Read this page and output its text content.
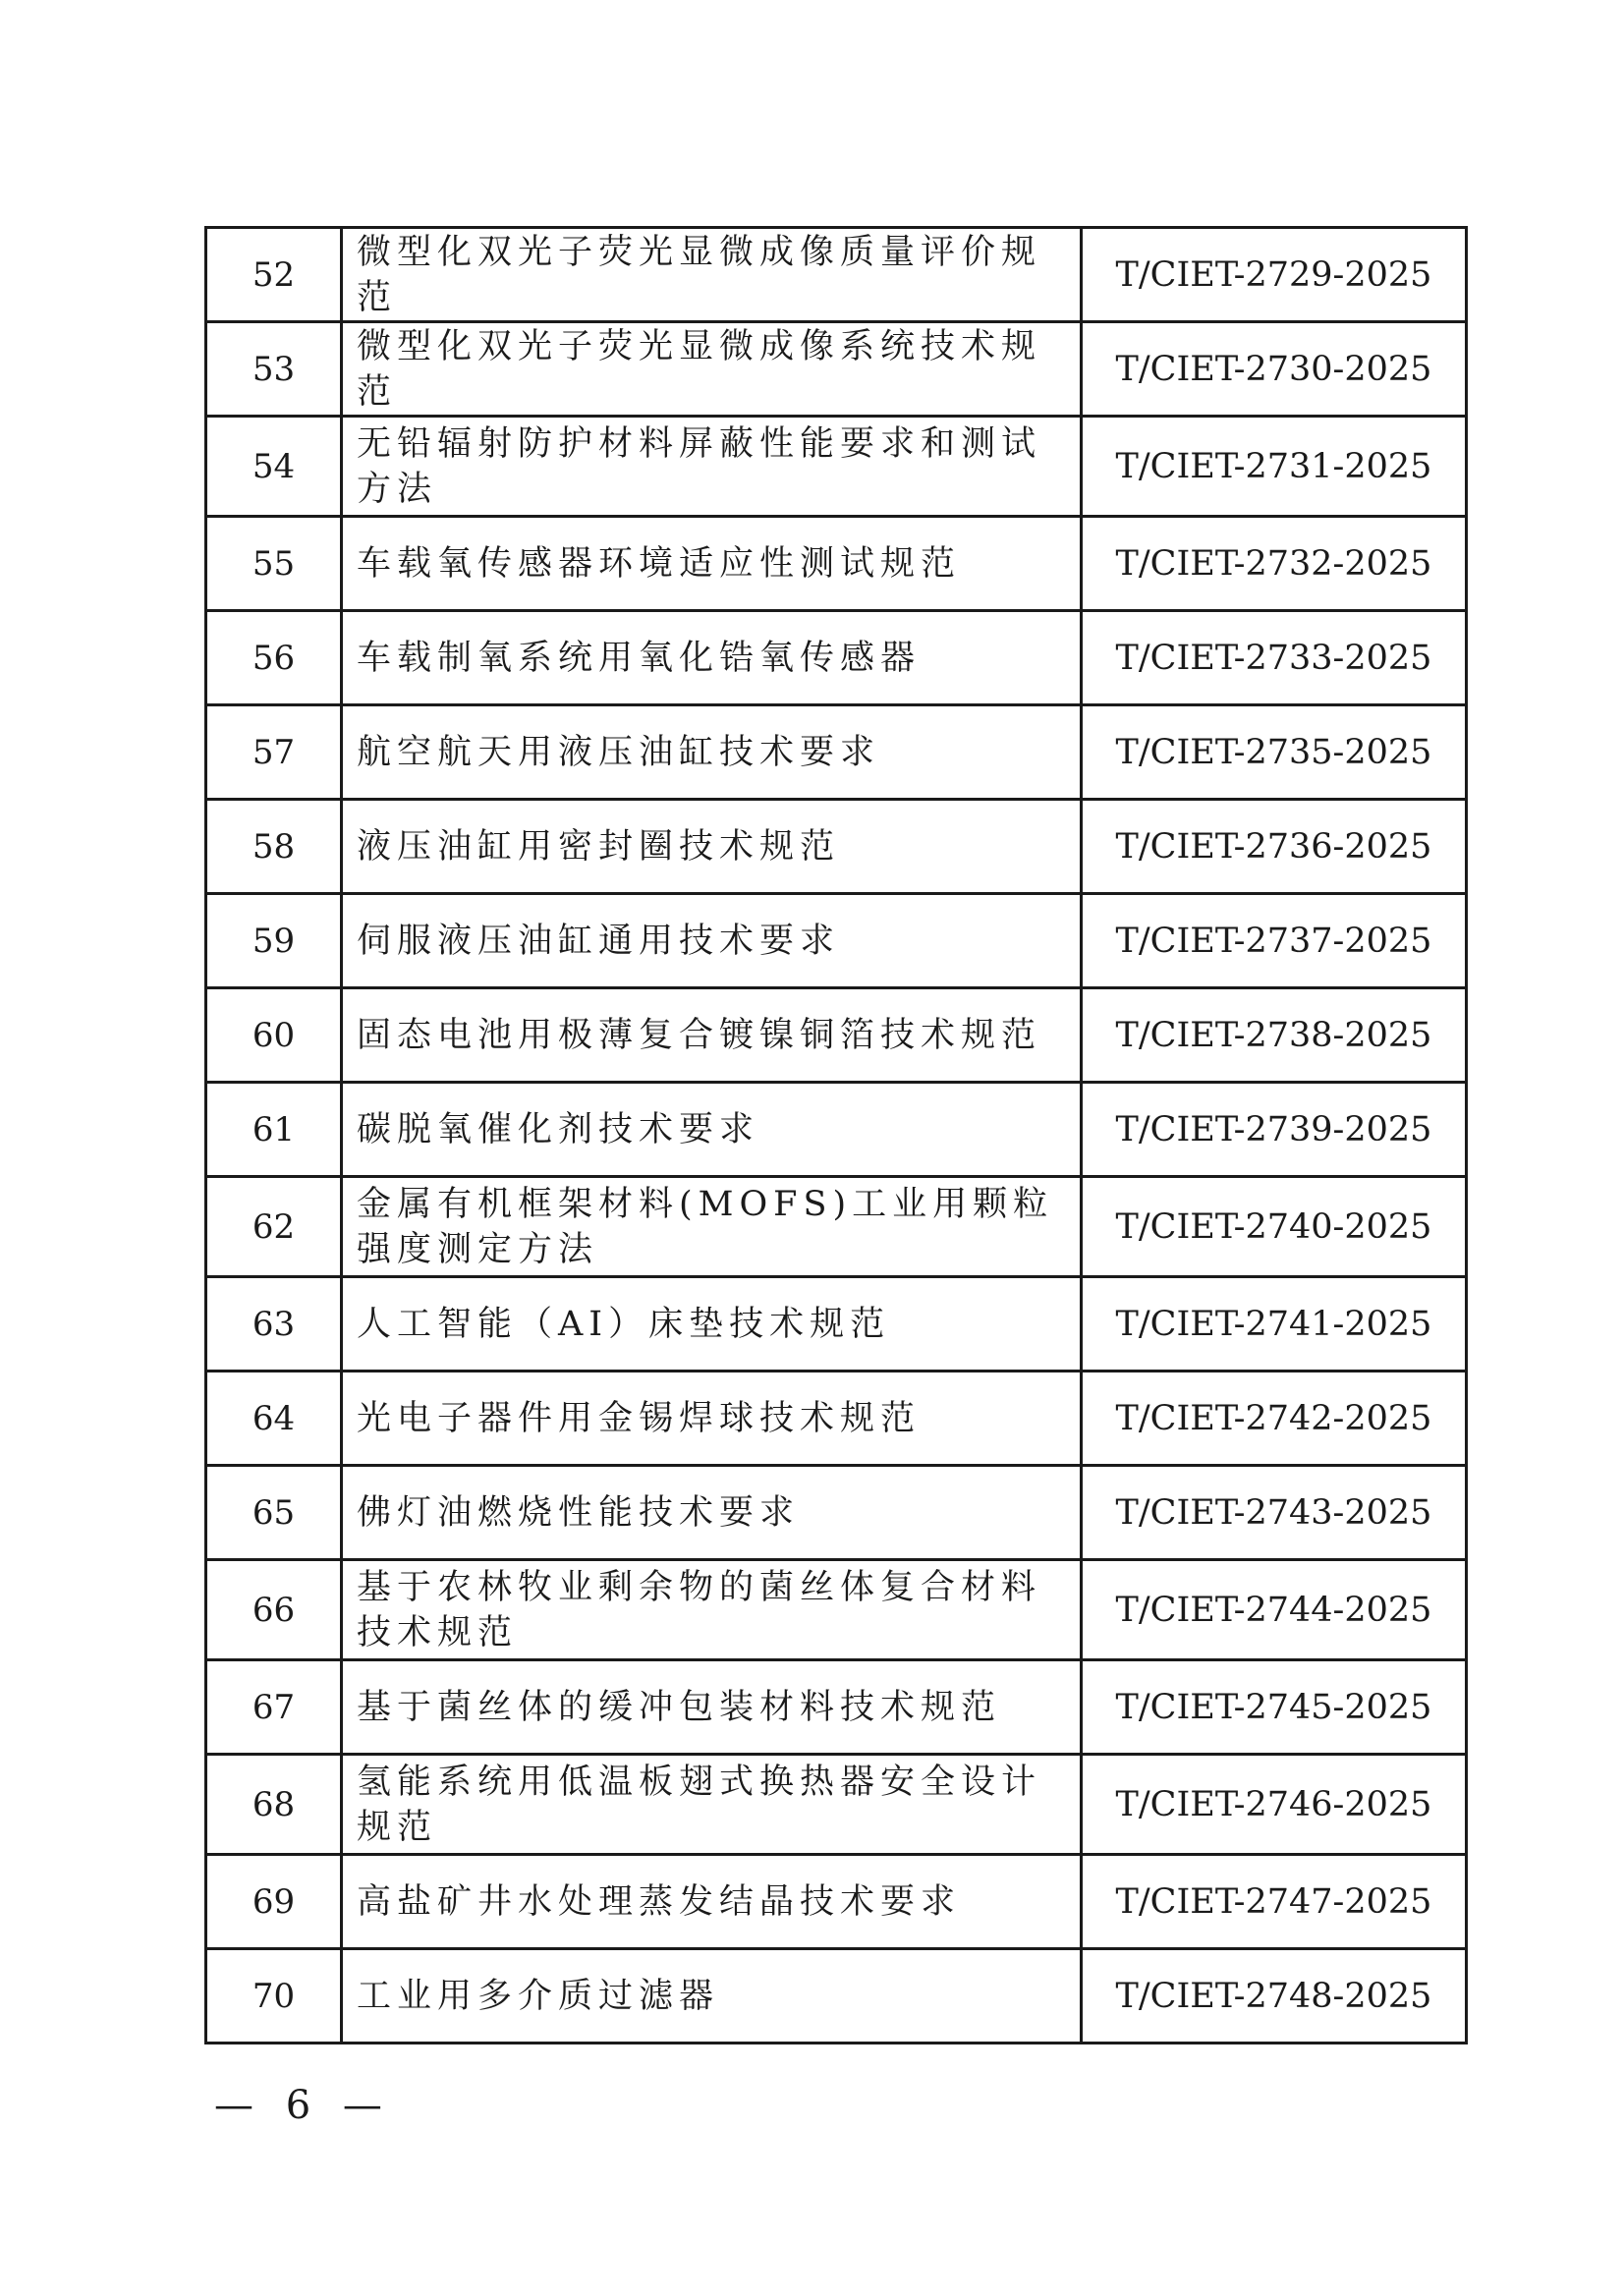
52	微型化双光子荧光显微成像质量评价规范	T/CIET-2729-2025
53	微型化双光子荧光显微成像系统技术规范	T/CIET-2730-2025
54	无铅辐射防护材料屏蔽性能要求和测试方法	T/CIET-2731-2025
55	车载氧传感器环境适应性测试规范	T/CIET-2732-2025
56	车载制氧系统用氧化锆氧传感器	T/CIET-2733-2025
57	航空航天用液压油缸技术要求	T/CIET-2735-2025
58	液压油缸用密封圈技术规范	T/CIET-2736-2025
59	伺服液压油缸通用技术要求	T/CIET-2737-2025
60	固态电池用极薄复合镀镍铜箔技术规范	T/CIET-2738-2025
61	碳脱氧催化剂技术要求	T/CIET-2739-2025
62	金属有机框架材料(MOFS)工业用颗粒强度测定方法	T/CIET-2740-2025
63	人工智能（AI）床垫技术规范	T/CIET-2741-2025
64	光电子器件用金锡焊球技术规范	T/CIET-2742-2025
65	佛灯油燃烧性能技术要求	T/CIET-2743-2025
66	基于农林牧业剩余物的菌丝体复合材料技术规范	T/CIET-2744-2025
67	基于菌丝体的缓冲包装材料技术规范	T/CIET-2745-2025
68	氢能系统用低温板翅式换热器安全设计规范	T/CIET-2746-2025
69	高盐矿井水处理蒸发结晶技术要求	T/CIET-2747-2025
70	工业用多介质过滤器	T/CIET-2748-2025
— 6 —
